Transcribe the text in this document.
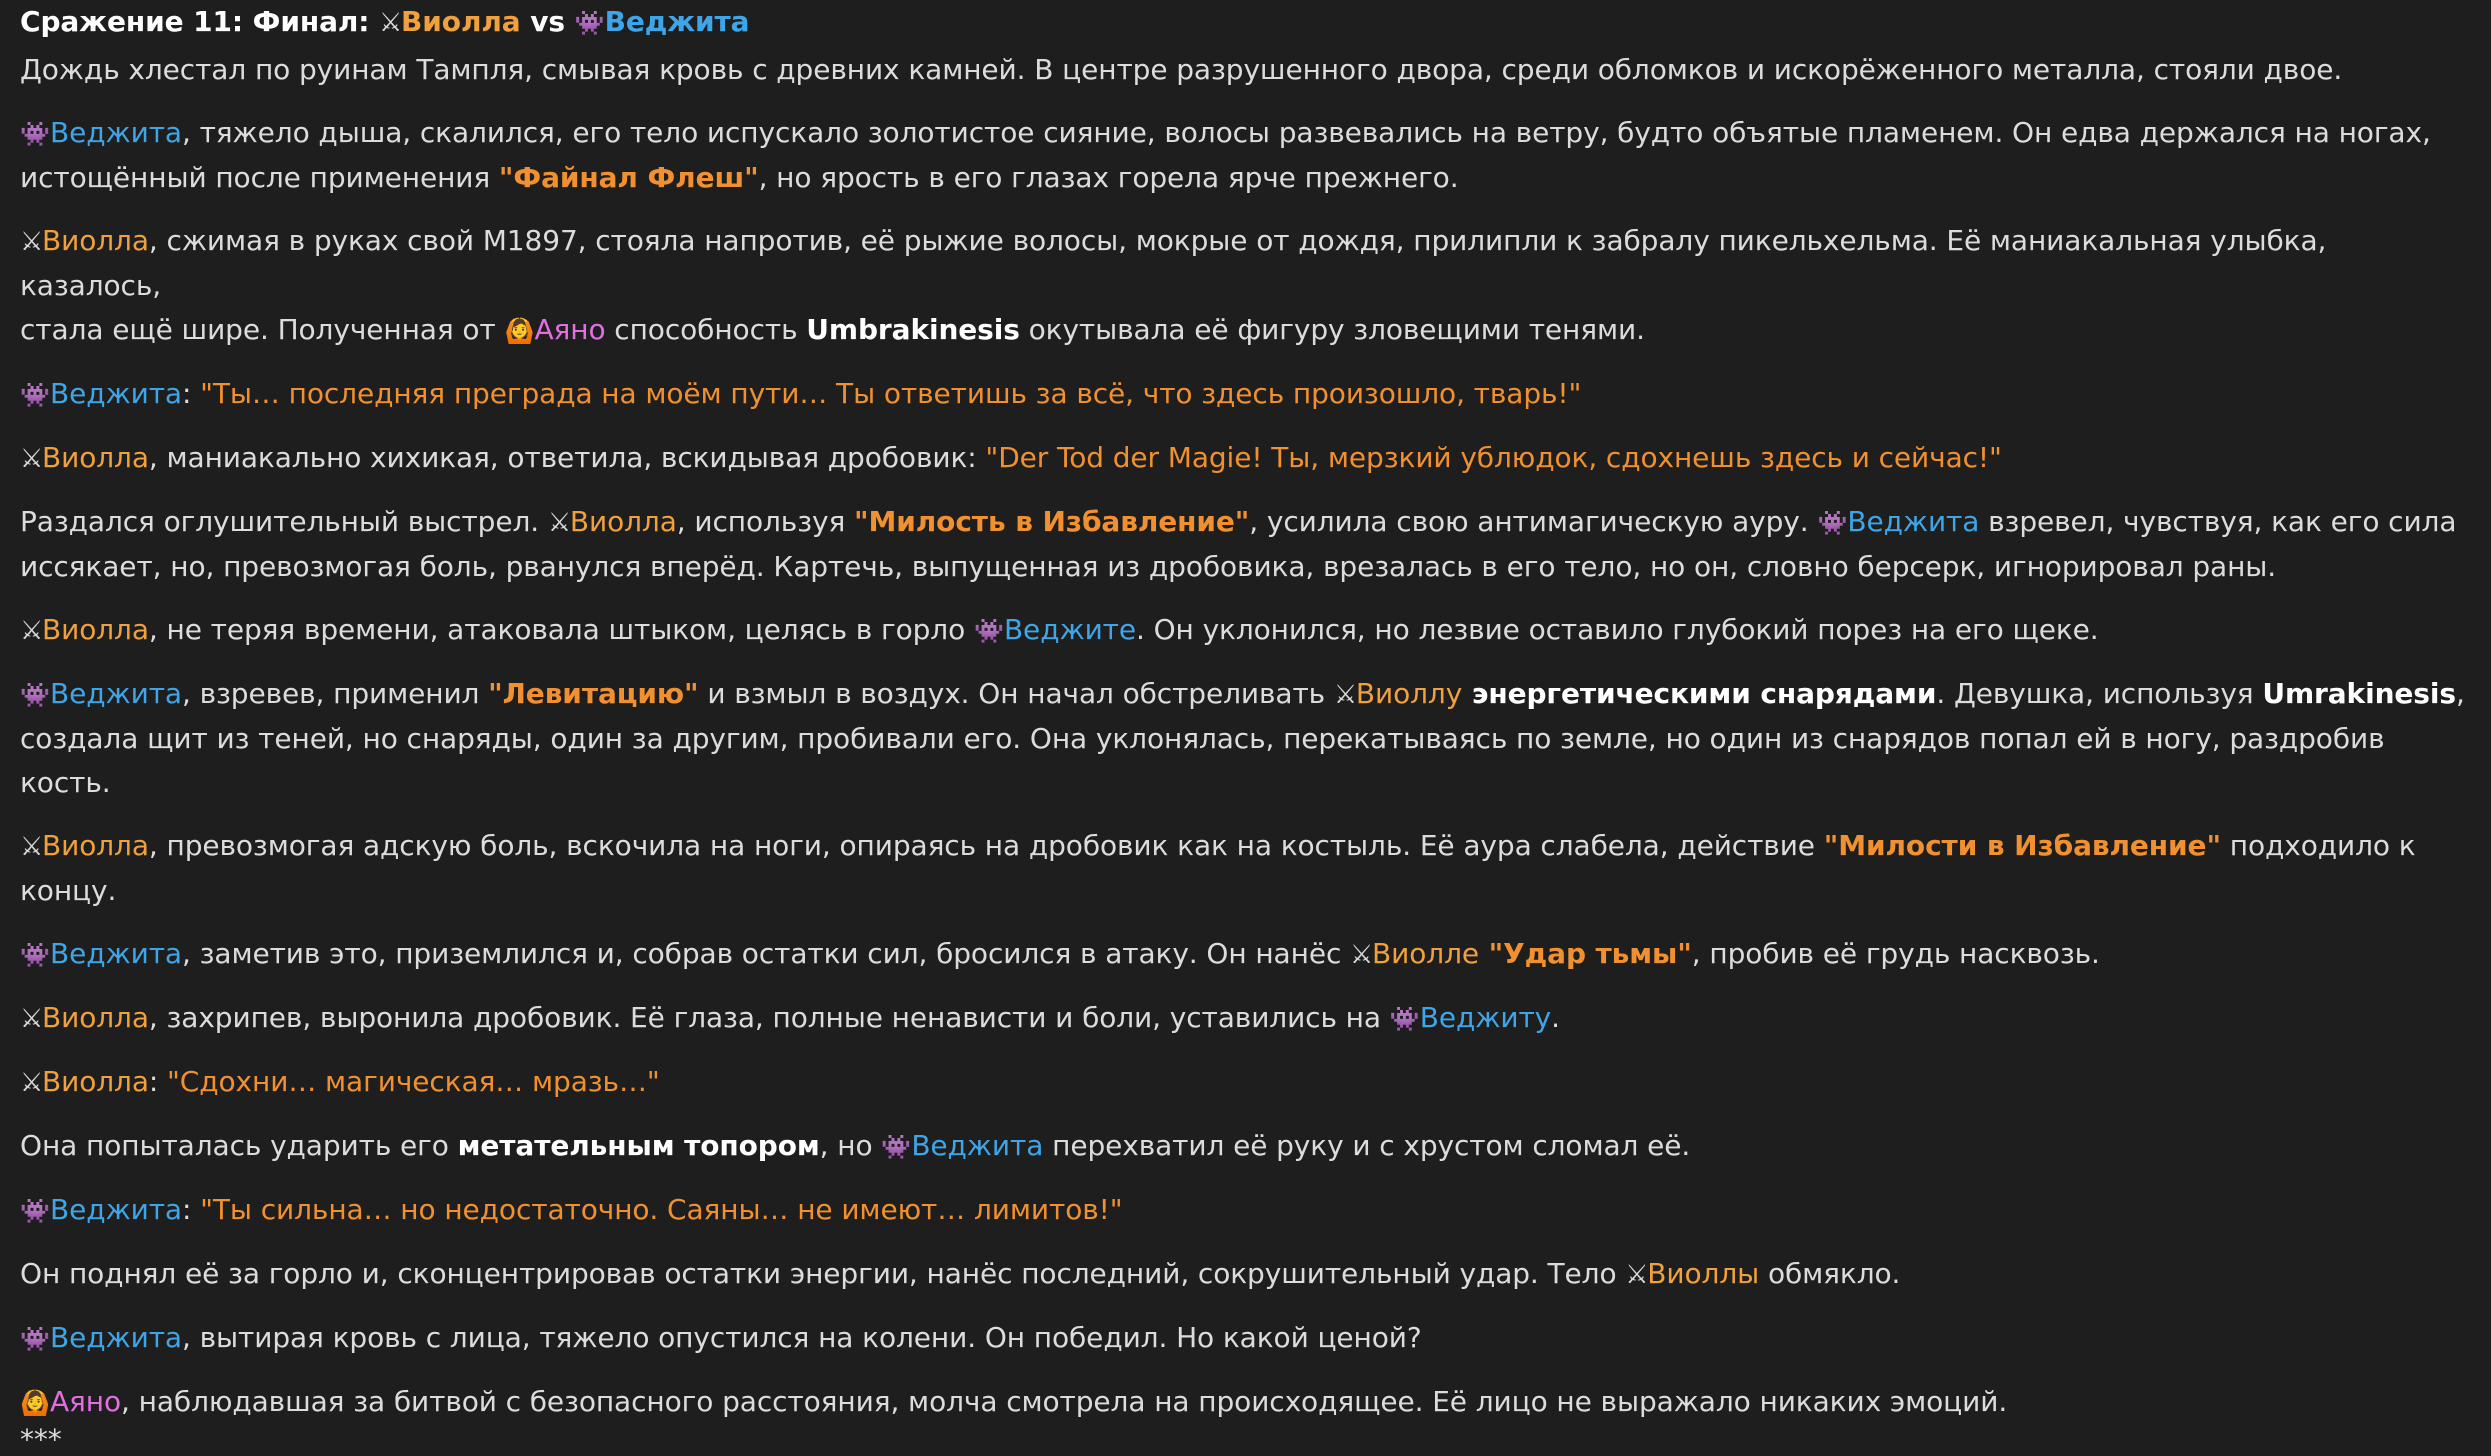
Сражение 11: Финал: ⚔Виолла vs 👾Веджита
Дождь хлестал по руинам Тампля, смывая кровь с древних камней. В центре разрушенного двора, среди обломков и искорёженного металла, стояли двое.
👾Веджита, тяжело дыша, скалился, его тело испускало золотистое сияние, волосы развевались на ветру, будто объятые пламенем. Он едва держался на ногах,
истощённый после применения "Файнал Флеш", но ярость в его глазах горела ярче прежнего.
⚔Виолла, сжимая в руках свой M1897, стояла напротив, её рыжие волосы, мокрые от дождя, прилипли к забралу пикельхельма. Её маниакальная улыбка, казалось,
стала ещё шире. Полученная от 🙆Аяно способность Umbrakinesis окутывала её фигуру зловещими тенями.
👾Веджита: "Ты… последняя преграда на моём пути… Ты ответишь за всё, что здесь произошло, тварь!"
⚔Виолла, маниакально хихикая, ответила, вскидывая дробовик: "Der Tod der Magie! Ты, мерзкий ублюдок, сдохнешь здесь и сейчас!"
Раздался оглушительный выстрел. ⚔Виолла, используя "Милость в Избавление", усилила свою антимагическую ауру. 👾Веджита взревел, чувствуя, как его сила
иссякает, но, превозмогая боль, рванулся вперёд. Картечь, выпущенная из дробовика, врезалась в его тело, но он, словно берсерк, игнорировал раны.
⚔Виолла, не теряя времени, атаковала штыком, целясь в горло 👾Веджите. Он уклонился, но лезвие оставило глубокий порез на его щеке.
👾Веджита, взревев, применил "Левитацию" и взмыл в воздух. Он начал обстреливать ⚔Виоллу энергетическими снарядами. Девушка, используя Umrakinesis,
создала щит из теней, но снаряды, один за другим, пробивали его. Она уклонялась, перекатываясь по земле, но один из снарядов попал ей в ногу, раздробив кость.
⚔Виолла, превозмогая адскую боль, вскочила на ноги, опираясь на дробовик как на костыль. Её аура слабела, действие "Милости в Избавление" подходило к концу.
👾Веджита, заметив это, приземлился и, собрав остатки сил, бросился в атаку. Он нанёс ⚔Виолле "Удар тьмы", пробив её грудь насквозь.
⚔Виолла, захрипев, выронила дробовик. Её глаза, полные ненависти и боли, уставились на 👾Веджиту.
⚔Виолла: "Сдохни… магическая… мразь…"
Она попыталась ударить его метательным топором, но 👾Веджита перехватил её руку и с хрустом сломал её.
👾Веджита: "Ты сильна… но недостаточно. Саяны… не имеют… лимитов!"
Он поднял её за горло и, сконцентрировав остатки энергии, нанёс последний, сокрушительный удар. Тело ⚔Виоллы обмякло.
👾Веджита, вытирая кровь с лица, тяжело опустился на колени. Он победил. Но какой ценой?
🙆Аяно, наблюдавшая за битвой с безопасного расстояния, молча смотрела на происходящее. Её лицо не выражало никаких эмоций.
***
